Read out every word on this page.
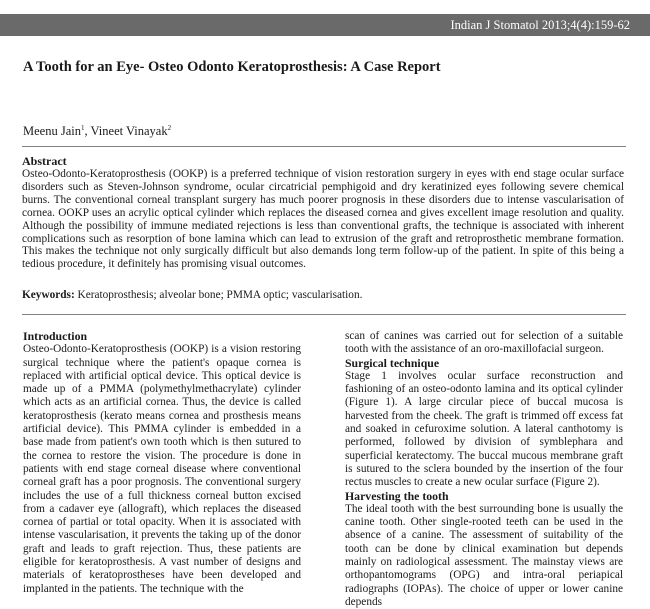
Indian J Stomatol 2013;4(4):159-62
A Tooth for an Eye- Osteo Odonto Keratoprosthesis: A Case Report
Meenu Jain$^1$, Vineet Vinayak$^2$
Abstract
Osteo-Odonto-Keratoprosthesis (OOKP) is a preferred technique of vision restoration surgery in eyes with end stage ocular surface disorders such as Steven-Johnson syndrome, ocular circatricial pemphigoid and dry keratinized eyes following severe chemical burns. The conventional corneal transplant surgery has much poorer prognosis in these disorders due to intense vascularisation of cornea. OOKP uses an acrylic optical cylinder which replaces the diseased cornea and gives excellent image resolution and quality. Although the possibility of immune mediated rejections is less than conventional grafts, the technique is associated with inherent complications such as resorption of bone lamina which can lead to extrusion of the graft and retroprosthetic membrane formation. This makes the technique not only surgically difficult but also demands long term follow-up of the patient. In spite of this being a tedious procedure, it definitely has promising visual outcomes.
Keywords: Keratoprosthesis; alveolar bone; PMMA optic; vascularisation.

Introduction

Osteo-Odonto-Keratoprosthesis (OOKP) is a vision restoring surgical technique where the patient's opaque cornea is replaced with artificial optical device. This optical device is made up of a PMMA (polymethylmethacrylate) cylinder which acts as an artificial cornea. Thus, the device is called keratoprosthesis (kerato means cornea and prosthesis means artificial device). This PMMA cylinder is embedded in a base made from patient's own tooth which is then sutured to the cornea to restore the vision. The procedure is done in patients with end stage corneal disease where conventional corneal graft has a poor prognosis. The conventional surgery includes the use of a full thickness corneal button excised from a cadaver eye (allograft), which replaces the diseased cornea of partial or total opacity. When it is associated with intense vascularisation, it prevents the taking up of the donor graft and leads to graft rejection. Thus, these patients are eligible for keratoprosthesis. A vast number of designs and materials of keratoprostheses have been developed and implanted in the patients. The technique with the

scan of canines was carried out for selection of a suitable tooth with the assistance of an oro-maxillofacial surgeon.

Surgical technique

Stage 1 involves ocular surface reconstruction and fashioning of an osteo-odonto lamina and its optical cylinder (Figure 1). A large circular piece of buccal mucosa is harvested from the cheek. The graft is trimmed off excess fat and soaked in cefuroxime solution. A lateral canthotomy is performed, followed by division of symblephara and superficial keratectomy. The buccal mucous membrane graft is sutured to the sclera bounded by the insertion of the four rectus muscles to create a new ocular surface (Figure 2).

Harvesting the tooth

The ideal tooth with the best surrounding bone is usually the canine tooth. Other single-rooted teeth can be used in the absence of a canine. The assessment of suitability of the tooth can be done by clinical examination but depends mainly on radiological assessment. The mainstay views are orthopantomograms (OPG) and intra-oral periapical radiographs (IOPAs). The choice of upper or lower canine depends
